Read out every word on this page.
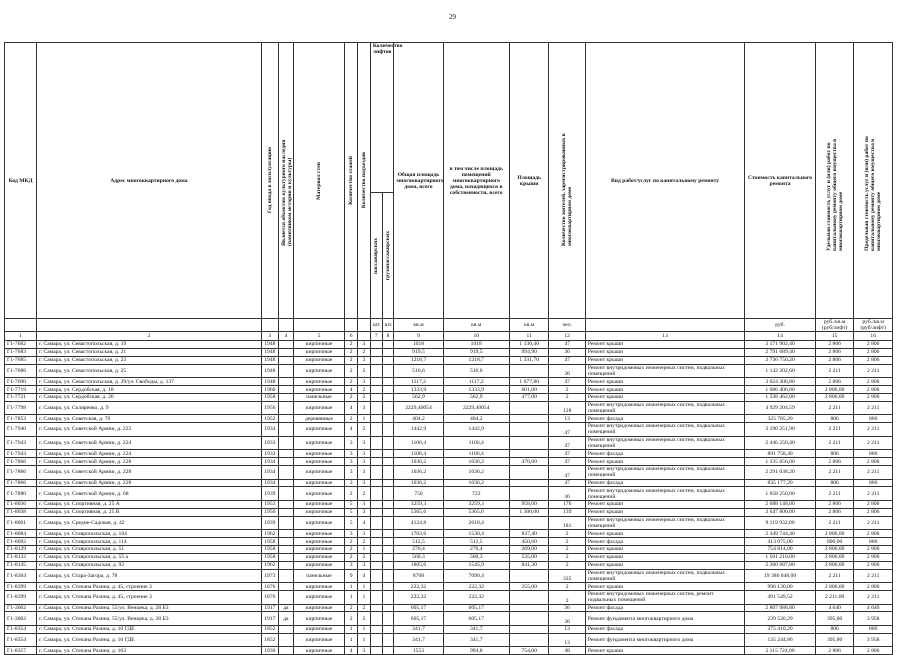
29
Код МКД	Адрес многоквартирного дома	Год ввода в эксплуатацию	Является объектом культурного наследия (памятником истории и культуры)	Материал стен	Количество этажей	Количество подъездов	Количество лифтов		Общая площадь многоквартирного дома, всего	в том числе площадь помещений многоквартирного дома, находящихся в собственности, всего	Площадь крыши	Количество жителей, зарегистрированных в многоквартирном доме	Вид работ/услуг по капитальному ремонту	Стоимость капитального ремонта	Удельная стоимость услуг и (или) работ по капитальному ремонту общего имущества в многоквартирном доме	Предельная стоимость услуг и (или) работ по капитальному ремонту общего имущества в многоквартирном доме

							пассажирских	грузопассажирских								

							шт.	шт.	кв.м	кв.м	кв.м	чел.		руб.	руб./кв.м (руб/лифт)	руб./кв.м (руб/лифт)
1	2	3	4	5	6		7	8	9	10	11	12	13	14	15	16
Г1-7682	г. Самара, ул. Севастопольская, д. 19	1948		кирпичные	2	3			1018	1018	1 130,40	47	Ремонт крыши	3 171 902,40	2 806	2 806
Г1-7683	г. Самара, ул. Севастопольская, д. 21	1948		кирпичные	2	2			919,5	919,5	994,90	36	Ремонт крыши	2 791 689,40	2 806	2 806
Г1-7685	г. Самара, ул. Севастопольская, д. 23	1948		кирпичные	2	3			1218,7	1218,7	1 331,70	47	Ремонт крыши	3 736 750,20	2 806	2 806
Г1-7686	г. Самара, ул. Севастопольская, д. 25	1948		кирпичные	2	2			516,6	516,6		36	Ремонт внутридомовых инженерных систем, подвальных помещений	1 142 202,60	2 211	2 211
Г1-7690	г. Самара, ул. Севастопольская, д. 29/ул. Свободы, д. 137	1948		кирпичные	2	3			1117,2	1117,2	1 077,80	47	Ремонт крыши	3 024 306,80	2 806	2 806
Г1-7719	г. Самара, ул. Сердобская, д. 18	1960		кирпичные	4	2			1333,9	1333,9	601,00	2	Ремонт крыши	1 686 406,00	2 806,00	2 806
Г1-7721	г. Самара, ул. Сердобская, д. 26	1958		панельные	2	2			562,9	562,9	477,00	2	Ремонт крыши	1 338 462,00	2 806,00	2 806
Г1-7798	г. Самара, ул. Скляренко, д. 9	1956		кирпичные	4	3			2229,40054	2229,40054		128	Ремонт внутридомовых инженерных систем, подвальных помещений	4 929 204,59	2 211	2 211
Г1-7853	г. Самара, ул. Советская, д. 70	1952		деревянные	2	1			404,2	404,2		13	Ремонт фасада	325 785,20	806	806
Г1-7940	г. Самара, ул. Советской Армии, д. 222	1934		кирпичные	4	2			1442,9	1442,9		47	Ремонт внутридомовых инженерных систем, подвальных помещений	3 190 251,90	2 211	2 211
Г1-7943	г. Самара, ул. Советской Армии, д. 224	1933		кирпичные	3	3			1106,4	1106,4		47	Ремонт внутридомовых инженерных систем, подвальных помещений	2 446 250,40	2 211	2 211
Г1-7943	г. Самара, ул. Советской Армии, д. 224	1933		кирпичные	3	3			1106,4	1106,4		47	Ремонт фасада	891 758,40	806	806
Г1-7866	г. Самара, ул. Советской Армии, д. 228	1934		кирпичные	3	3			1036,2	1036,2	476,00	47	Ремонт крыши	1 335 656,00	2 806	2 806
Г1-7866	г. Самара, ул. Советской Армии, д. 228	1934		кирпичные	3	3			1036,2	1036,2		47	Ремонт внутридомовых инженерных систем, подвальных помещений	2 291 038,20	2 211	2 211
Г1-7866	г. Самара, ул. Советской Армии, д. 228	1934		кирпичные	3	3			1036,2	1036,2		47	Ремонт фасада	835 177,20	806	806
Г1-7880	г. Самара, ул. Советской Армии, д. 68	1939		кирпичные	2	2			750	723		36	Ремонт внутридомовых инженерных систем, подвальных помещений	1 658 250,00	2 211	2 211
Г1-8036	г. Самара, ул. Спортивная, д. 25 А	1953		кирпичные	5	3			3259,3	3259,3	958,00	176	Ремонт крыши	2 688 148,00	2 806	2 806
Г1-8038	г. Самара, ул. Спортивная, д. 25 В	1956		кирпичные	5	3			5365,6	5365,6	1 300,00	139	Ремонт крыши	3 647 800,00	2 806	2 806
Г1-8061	г. Самара, ул. Средне-Садовая, д. 42	1939		кирпичные	5	4			4124,8	2618,4		181	Ремонт внутридомовых инженерных систем, подвальных помещений	9 119 932,80	2 211	2 211
Г1-8084	г. Самара, ул. Ставропольская, д. 104	1962		кирпичные	3	3			1703,6	1530,4	837,40	2	Ремонт крыши	2 349 744,40	2 806,00	2 806
Г1-8092	г. Самара, ул. Ставропольская, д. 114	1958		кирпичные	2	2			512,5	512,5	450,60	2	Ремонт фасада	413 075,00	806,00	806
Г1-8129	г. Самара, ул. Ставропольская, д. 51	1958		кирпичные	2	1			276,4	276,4	269,00	2	Ремонт крыши	754 814,00	2 806,00	2 806
Г1-8132	г. Самара, ул. Ставропольская, д. 55 а	1958		кирпичные	2	2			560,3	560,3	535,00	2	Ремонт крыши	1 501 210,00	2 806,00	2 806
Г1-8145	г. Самара, ул. Ставропольская, д. 92	1962		кирпичные	3	3			1805,6	1545,9	841,30	2	Ремонт крыши	2 360 687,80	2 806,00	2 806
Г1-8304	г. Самара, ул. Стара-Загора, д. 78	1973		панельные	9	4			8768	7090,4		335	Ремонт внутридомовых инженерных систем, подвальных помещений	19 386 048,00	2 211	2 211
Г1-8399	г. Самара, ул. Степана Разина, д. 45, строение 3	1876		кирпичные	1	1			222,32	222,32	355,00	2	Ремонт крыши	996 130,00	2 806,00	2 806
Г1-8399	г. Самара, ул. Степана Разина, д. 45, строение 3	1876		кирпичные	1	1			222,32	222,32		2	Ремонт внутридомовых инженерных систем, ремонт подвальных помещений	491 549,52	2 211,00	2 211
Г1-3062	г. Самара, ул. Степана Разина, 55/ул. Венцека, д. 28 Б3	1917	да	кирпичные	2	2			605,17	605,17		36	Ремонт фасада	2 807 988,80	4 640	4 640
Г1-3062	г. Самара, ул. Степана Разина, 55/ул. Венцека, д. 28 Б3	1917	да	кирпичные	2	2			605,17	605,17		36	Ремонт фундамента многоквартирного дома	239 526,29	395,80	3 958
Г1-8354	г. Самара, ул. Степана Разина, д. 10 ГДЕ	1852		кирпичные	1	1			341,7	341,7		13	Ремонт фасада	275 410,20	806	806
Г1-8354	г. Самара, ул. Степана Разина, д. 10 ГДЕ	1852		кирпичные	1	1			341,7	341,7		13	Ремонт фундамента многоквартирного дома	135 244,86	395,80	3 958
Г1-8357	г. Самара, ул. Степана Разина, д. 103	1930		кирпичные	4	3			1553	994,8	754,00	48	Ремонт крыши	2 115 724,00	2 806	2 806
